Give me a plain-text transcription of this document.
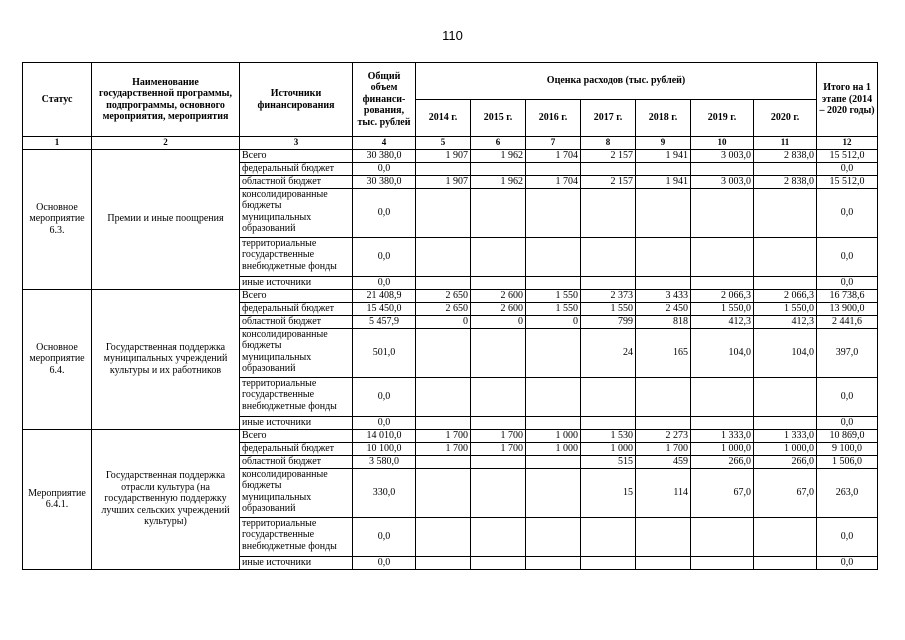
110
Статус	Наименование государственной программы, подпрограммы, основного мероприятия, мероприятия	Источники финансирования	Общий объем финанси-рования, тыс. рублей	Оценка расходов (тыс. рублей)							Итого на 1 этапе (2014 – 2020 годы)
				2014 г.	2015 г.	2016 г.	2017 г.	2018 г.	2019 г.	2020 г.	
1	2	3	4	5	6	7	8	9	10	11	12
Основное мероприятие 6.3.	Премии и иные поощрения	Всего	30 380,0	1 907	1 962	1 704	2 157	1 941	3 003,0	2 838,0	15 512,0
		федеральный бюджет	0,0								0,0
		областной бюджет	30 380,0	1 907	1 962	1 704	2 157	1 941	3 003,0	2 838,0	15 512,0
		консолидированные бюджеты муниципальных образований	0,0								0,0
		территориальные государственные внебюджетные фонды	0,0								0,0
		иные источники	0,0								0,0
Основное мероприятие 6.4.	Государственная поддержка муниципальных учреждений культуры и их работников	Всего	21 408,9	2 650	2 600	1 550	2 373	3 433	2 066,3	2 066,3	16 738,6
		федеральный бюджет	15 450,0	2 650	2 600	1 550	1 550	2 450	1 550,0	1 550,0	13 900,0
		областной бюджет	5 457,9	0	0	0	799	818	412,3	412,3	2 441,6
		консолидированные бюджеты муниципальных образований	501,0				24	165	104,0	104,0	397,0
		территориальные государственные внебюджетные фонды	0,0								0,0
		иные источники	0,0								0,0
Мероприятие 6.4.1.	Государственная поддержка отрасли культура (на государственную поддержку лучших сельских учреждений культуры)	Всего	14 010,0	1 700	1 700	1 000	1 530	2 273	1 333,0	1 333,0	10 869,0
		федеральный бюджет	10 100,0	1 700	1 700	1 000	1 000	1 700	1 000,0	1 000,0	9 100,0
		областной бюджет	3 580,0				515	459	266,0	266,0	1 506,0
		консолидированные бюджеты муниципальных образований	330,0				15	114	67,0	67,0	263,0
		территориальные государственные внебюджетные фонды	0,0								0,0
		иные источники	0,0								0,0
